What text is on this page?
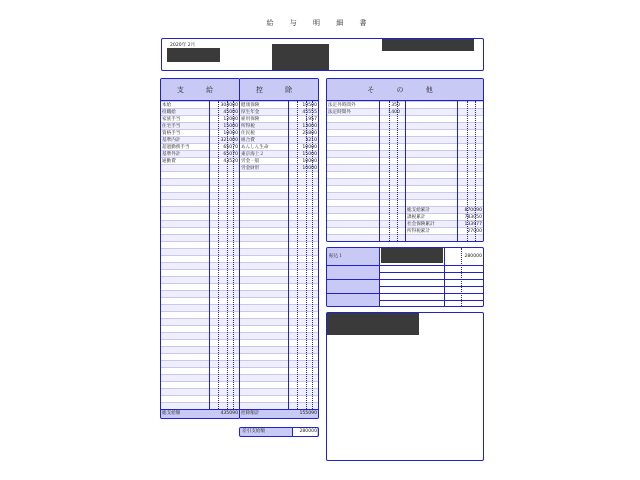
給 与 明 細 書
2020年 2月
支 給
本給	304000
役職給	45000
家族手当	12000
住宅手当	15000
資格手当	10000
基準内計	321000
超過勤務手当	65070
基準外計	65070
通勤費	43520
総支給額	435090
控 除
健康保険	19500
厚生年金	45555
雇用保険	1957
所得税	13000
住民税	25800
組合費	3210
あんしん生命	10000
東京海上２	15000
労金一般	10000
労金財形	10000
控除額計	155090
差引支給額	280000
そ の 他
法定外時間外	350
法定時間外	1400
総支給累計	870090
課税累計	783050
社会保険累計	133977
所得税累計	27000
振込１	280000
